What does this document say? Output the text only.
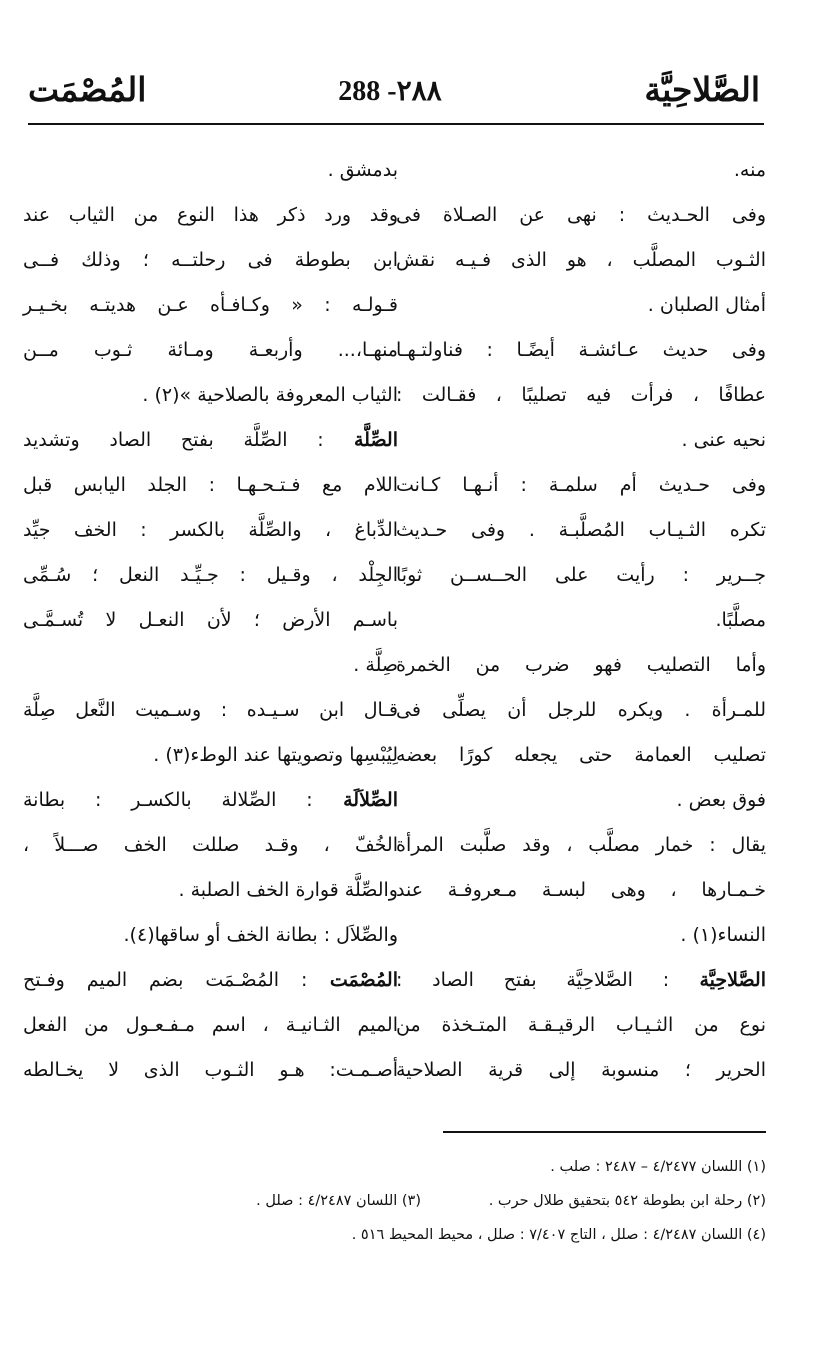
الصَّلاحِيَّة
288 -٢٨٨
المُصْمَت
منه.
وفى الحـديث : نهى عن الصـلاة فى
الثـوب المصلَّب ، هو الذى فـيـه نقش
أمثال الصلبان .
وفى حديث عـائشـة أيضًـا : فناولتـهـا
عطافًا ، فرأت فيه تصليبًا ، فقـالت :
نحيه عنى .
وفى حـديث أم سلمـة : أنـهـا كـانت
تكره الثـيـاب المُصلَّبـة . وفى حـديث
جــرير : رأيت على الحــســن ثوبًا
مصلَّبًا.
وأما التصليب فهو ضرب من الخمرة
للمـرأة . ويكره للرجل أن يصلِّى فى
تصليب العمامة حتى يجعله كورًا بعضه
فوق بعض .
يقال : خمار مصلَّب ، وقد صلَّبت المرأة
خـمـارها ، وهى لبسـة مـعروفـة عند
النساء(١) .
الصَّلاحِيَّة : الصَّلاحِيَّة بفتح الصاد :
نوع من الثـيـاب الرقيـقـة المتـخذة من
الحرير ؛ منسوبة إلى قرية الصلاحية
بدمشق .
وقد ورد ذكر هذا النوع من الثياب عند
ابن بطوطة فى رحلتــه ؛ وذلك فــى
قـولـه : « وكـافـأه عـن هديتـه بخـيـر
منهـا،... وأربعـة ومـائة ثـوب مــن
الثياب المعروفة بالصلاحية »(٢) .
الصِّلَّة : الصِّلَّة بفتح الصاد وتشديد
اللام مع فـتـحـهـا : الجلد اليابس قبل
الدِّباغ ، والصِّلَّة بالكسر : الخف جيِّد
الجِلْد ، وقـيل : جـيِّـد النعل ؛ سُـمِّى
باسـم الأرض ؛ لأن النعـل لا تُسـمَّـى
صِلَّة .
قـال ابن سـيـده : وسـميت النَّعل صِلَّة
لِيُبْسِها وتصويتها عند الوطء(٣) .
الصِّلاَلَة : الصِّلالة بالكسـر : بطانة
الخُفّ ، وقـد صللت الخف صـــلاً ،
والصِّلَّة قوارة الخف الصلبة .
والصِّلاَل : بطانة الخف أو ساقها(٤).
المُصْمَت : المُصْـمَت بضم الميم وفـتح
الميم الثـانيـة ، اسم مـفـعـول من الفعل
أصـمـت: هـو الثـوب الذى لا يخـالطه
(١) اللسان ٤/٢٤٧٧ – ٢٤٨٧ : صلب .
(٢) رحلة ابن بطوطة ٥٤٢ بتحقيق طلال حرب .
(٣) اللسان ٤/٢٤٨٧ : صلل .
(٤) اللسان ٤/٢٤٨٧ : صلل ، التاج ٧/٤٠٧ : صلل ، محيط المحيط ٥١٦ .
